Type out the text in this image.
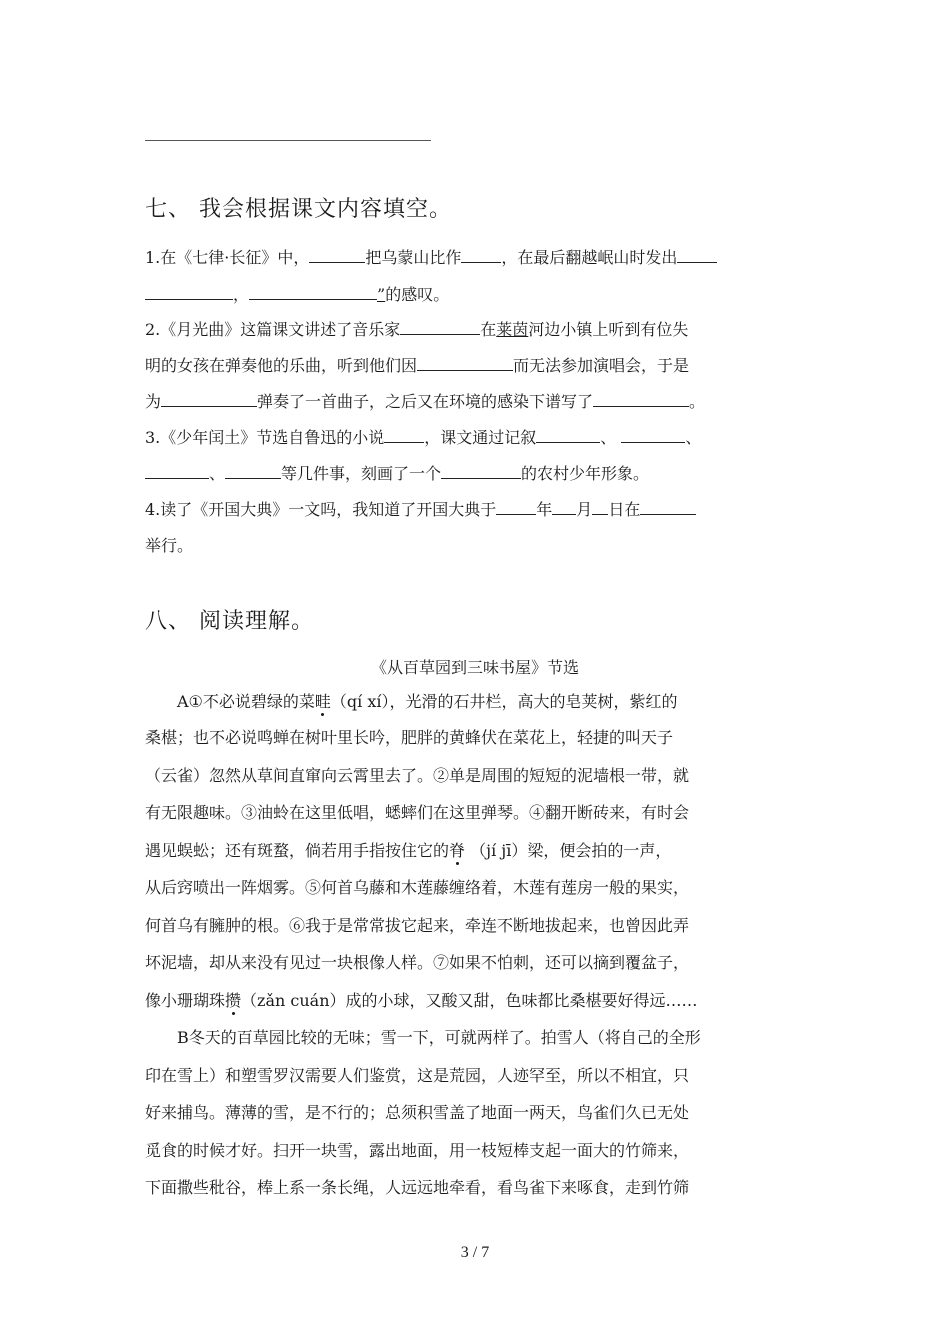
七、 我会根据课文内容填空。
1.在《七律·长征》中，	把乌蒙山比作	，在最后翻越岷山时发出
，	”的感叹。
2.《月光曲》这篇课文讲述了音乐家	在莱茵河边小镇上听到有位失
明的女孩在弹奏他的乐曲，听到他们因	而无法参加演唱会，于是
为	弹奏了一首曲子，之后又在环境的感染下谱写了	。
3.《少年闰土》节选自鲁迅的小说	，课文通过记叙	、	、
、	等几件事，刻画了一个	的农村少年形象。
4.读了《开国大典》一文吗，我知道了开国大典于	年 月 日在
举行。
八、 阅读理解。
《从百草园到三味书屋》节选
A①不必说碧绿的菜畦（qí xí），光滑的石井栏，高大的皂荚树，紫红的
桑椹；也不必说鸣蝉在树叶里长吟，肥胖的黄蜂伏在菜花上，轻捷的叫天子
（云雀）忽然从草间直窜向云霄里去了。②单是周围的短短的泥墙根一带，就
有无限趣味。③油蛉在这里低唱，蟋蟀们在这里弹琴。④翻开断砖来，有时会
遇见蜈蚣；还有斑蝥，倘若用手指按住它的脊 （jí jī）梁，便会拍的一声，
从后窍喷出一阵烟雾。⑤何首乌藤和木莲藤缠络着，木莲有莲房一般的果实，
何首乌有臃肿的根。⑥我于是常常拔它起来，牵连不断地拔起来，也曾因此弄
坏泥墙，却从来没有见过一块根像人样。⑦如果不怕刺，还可以摘到覆盆子，
像小珊瑚珠攒（zǎn cuán）成的小球，又酸又甜，色味都比桑椹要好得远……
B冬天的百草园比较的无味；雪一下，可就两样了。拍雪人（将自己的全形
印在雪上）和塑雪罗汉需要人们鉴赏，这是荒园，人迹罕至，所以不相宜，只
好来捕鸟。薄薄的雪，是不行的；总须积雪盖了地面一两天，鸟雀们久已无处
觅食的时候才好。扫开一块雪，露出地面，用一枝短棒支起一面大的竹筛来，
下面撒些秕谷，棒上系一条长绳，人远远地牵看，看鸟雀下来啄食，走到竹筛
3 / 7
